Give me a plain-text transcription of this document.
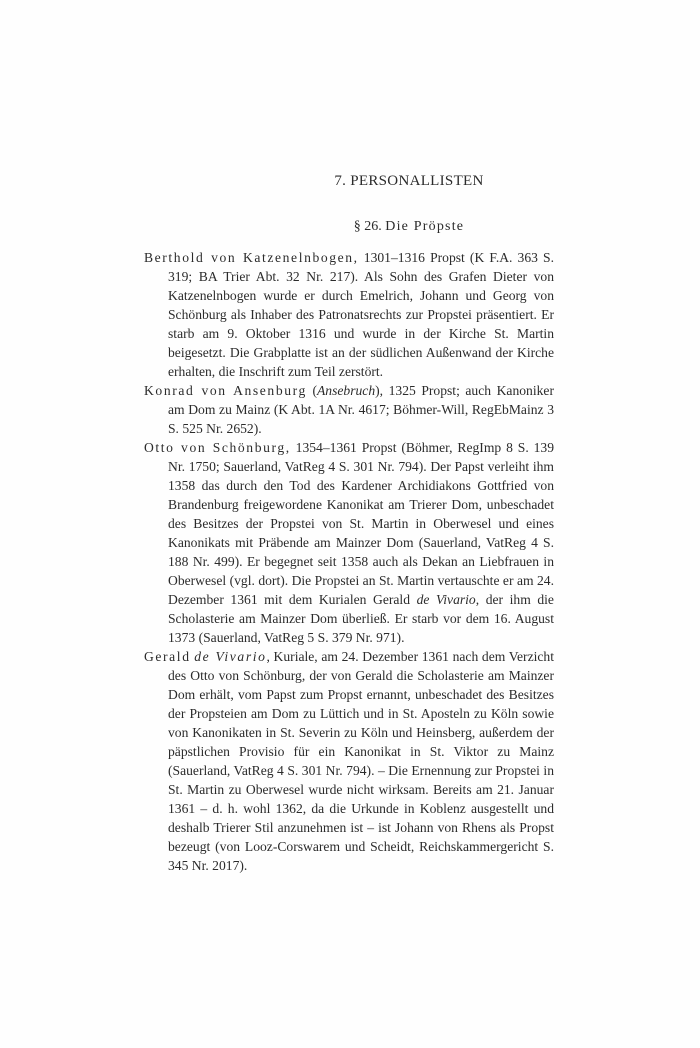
7. PERSONALLISTEN
§ 26. Die Pröpste

Berthold von Katzenelnbogen, 1301–1316 Propst (K F.A. 363 S. 319; BA Trier Abt. 32 Nr. 217). Als Sohn des Grafen Dieter von Katzenelnbogen wurde er durch Emelrich, Johann und Georg von Schönburg als Inhaber des Patronatsrechts zur Propstei präsentiert. Er starb am 9. Oktober 1316 und wurde in der Kirche St. Martin beigesetzt. Die Grabplatte ist an der südlichen Außenwand der Kirche erhalten, die Inschrift zum Teil zerstört.

Konrad von Ansenburg (Ansebruch), 1325 Propst; auch Kanoniker am Dom zu Mainz (K Abt. 1A Nr. 4617; Böhmer-Will, RegEbMainz 3 S. 525 Nr. 2652).

Otto von Schönburg, 1354–1361 Propst (Böhmer, RegImp 8 S. 139 Nr. 1750; Sauerland, VatReg 4 S. 301 Nr. 794). Der Papst verleiht ihm 1358 das durch den Tod des Kardener Archidiakons Gottfried von Brandenburg freigewordene Kanonikat am Trierer Dom, unbeschadet des Besitzes der Propstei von St. Martin in Oberwesel und eines Kanonikats mit Präbende am Mainzer Dom (Sauerland, VatReg 4 S. 188 Nr. 499). Er begegnet seit 1358 auch als Dekan an Liebfrauen in Oberwesel (vgl. dort). Die Propstei an St. Martin vertauschte er am 24. Dezember 1361 mit dem Kurialen Gerald de Vivario, der ihm die Scholasterie am Mainzer Dom überließ. Er starb vor dem 16. August 1373 (Sauerland, VatReg 5 S. 379 Nr. 971).

Gerald de Vivario, Kuriale, am 24. Dezember 1361 nach dem Verzicht des Otto von Schönburg, der von Gerald die Scholasterie am Mainzer Dom erhält, vom Papst zum Propst ernannt, unbeschadet des Besitzes der Propsteien am Dom zu Lüttich und in St. Aposteln zu Köln sowie von Kanonikaten in St. Severin zu Köln und Heinsberg, außerdem der päpstlichen Provisio für ein Kanonikat in St. Viktor zu Mainz (Sauerland, VatReg 4 S. 301 Nr. 794). – Die Ernennung zur Propstei in St. Martin zu Oberwesel wurde nicht wirksam. Bereits am 21. Januar 1361 – d. h. wohl 1362, da die Urkunde in Koblenz ausgestellt und deshalb Trierer Stil anzunehmen ist – ist Johann von Rhens als Propst bezeugt (von Looz-Corswarem und Scheidt, Reichskammergericht S. 345 Nr. 2017).
